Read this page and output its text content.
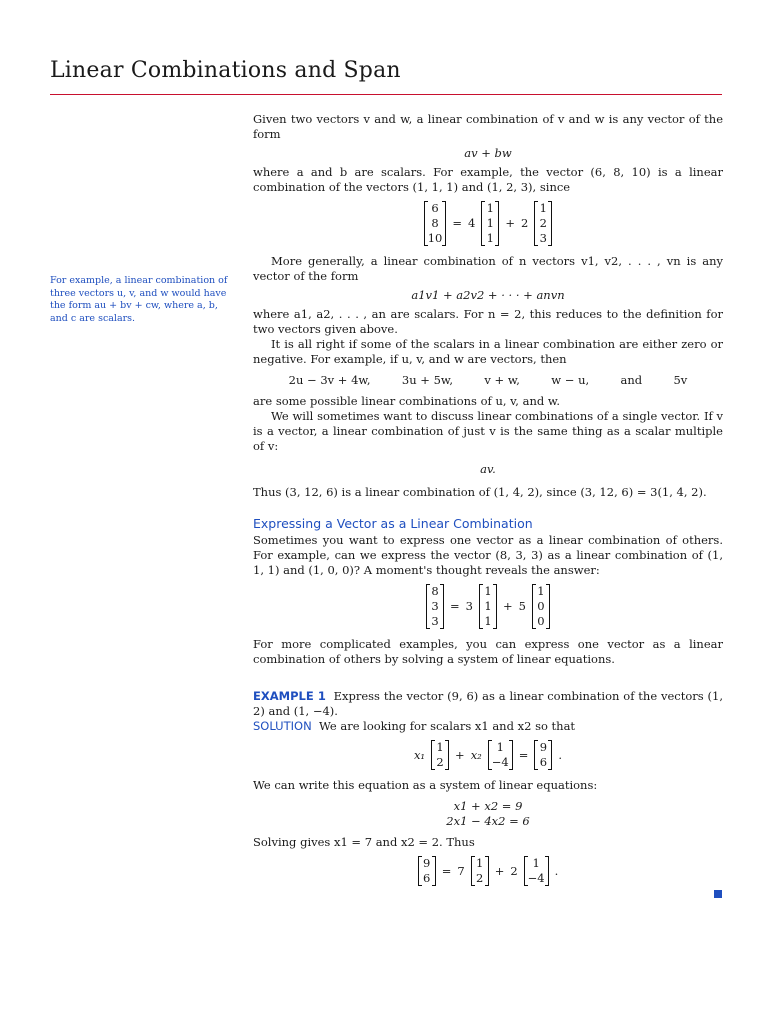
Linear Combinations and Span
For example, a linear combination of three vectors u, v, and w would have the form au + bv + cw, where a, b, and c are scalars.

Given two vectors v and w, a linear combination of v and w is any vector of the form

av + bw

where a and b are scalars. For example, the vector (6, 8, 10) is a linear combination of the vectors (1, 1, 1) and (1, 2, 3), since

6
8
10
= 4
1
1
1
+ 2
1
2
3

More generally, a linear combination of n vectors v1, v2, . . . , vn is any vector of the form

a1v1 + a2v2 + · · · + anvn

where a1, a2, . . . , an are scalars. For n = 2, this reduces to the definition for two vectors given above.

It is all right if some of the scalars in a linear combination are either zero or negative. For example, if u, v, and w are vectors, then

2u − 3v + 4w,	3u + 5w,	v + w,	w − u,	and	5v

are some possible linear combinations of u, v, and w.

We will sometimes want to discuss linear combinations of a single vector. If v is a vector, a linear combination of just v is the same thing as a scalar multiple of v:

av.

Thus (3, 12, 6) is a linear combination of (1, 4, 2), since (3, 12, 6) = 3(1, 4, 2).

Expressing a Vector as a Linear Combination

Sometimes you want to express one vector as a linear combination of others. For example, can we express the vector (8, 3, 3) as a linear combination of (1, 1, 1) and (1, 0, 0)? A moment's thought reveals the answer:

8
3
3
= 3
1
1
1
+ 5
1
0
0

For more complicated examples, you can express one vector as a linear combination of others by solving a system of linear equations.

EXAMPLE 1 Express the vector (9, 6) as a linear combination of the vectors (1, 2) and (1, −4).

SOLUTION We are looking for scalars x1 and x2 so that

x₁
1
2
+ x₂
1
−4
=
9
6
.

We can write this equation as a system of linear equations:

x1 + x2 = 9
2x1 − 4x2 = 6

Solving gives x1 = 7 and x2 = 2. Thus

9
6
= 7
1
2
+ 2
1
−4
.
